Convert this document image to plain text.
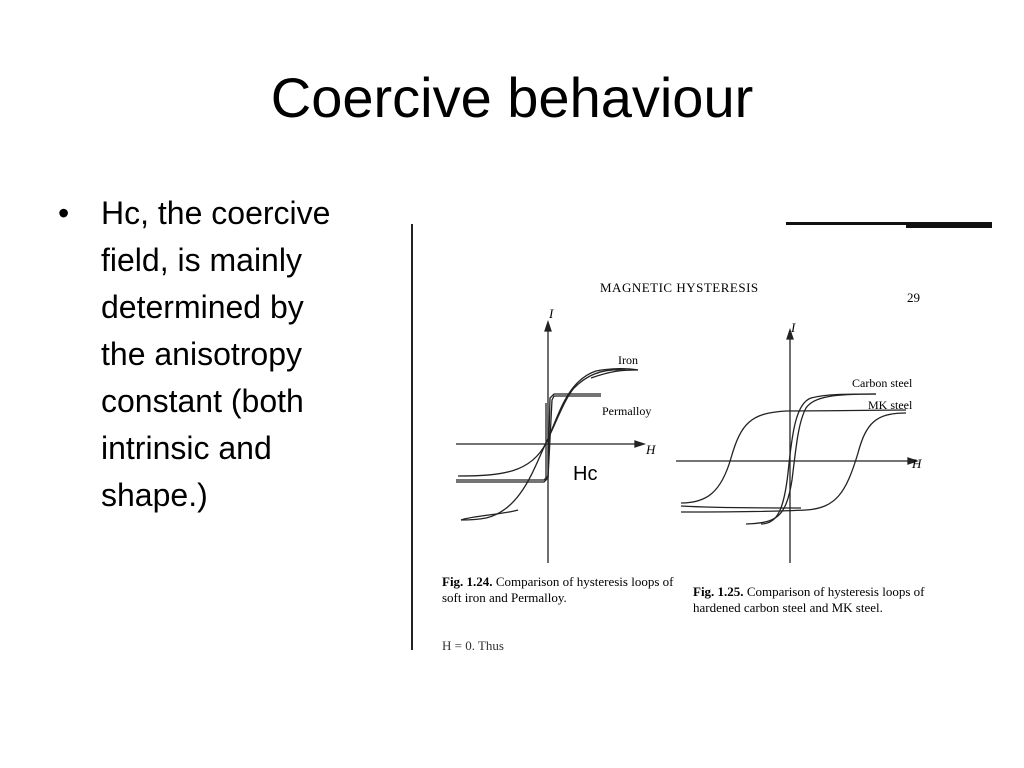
Coercive behaviour
• Hc, the coercive
field, is mainly
determined by
the anisotropy
constant (both
intrinsic and
shape.)
MAGNETIC HYSTERESIS
29
I
H
Iron
Permalloy
I
H
Carbon steel
MK steel
Hc
Fig. 1.24. Comparison of hysteresis loops of
soft iron and Permalloy.	Fig. 1.25. Comparison of hysteresis loops of
hardened carbon steel and MK steel.
H = 0. Thus
